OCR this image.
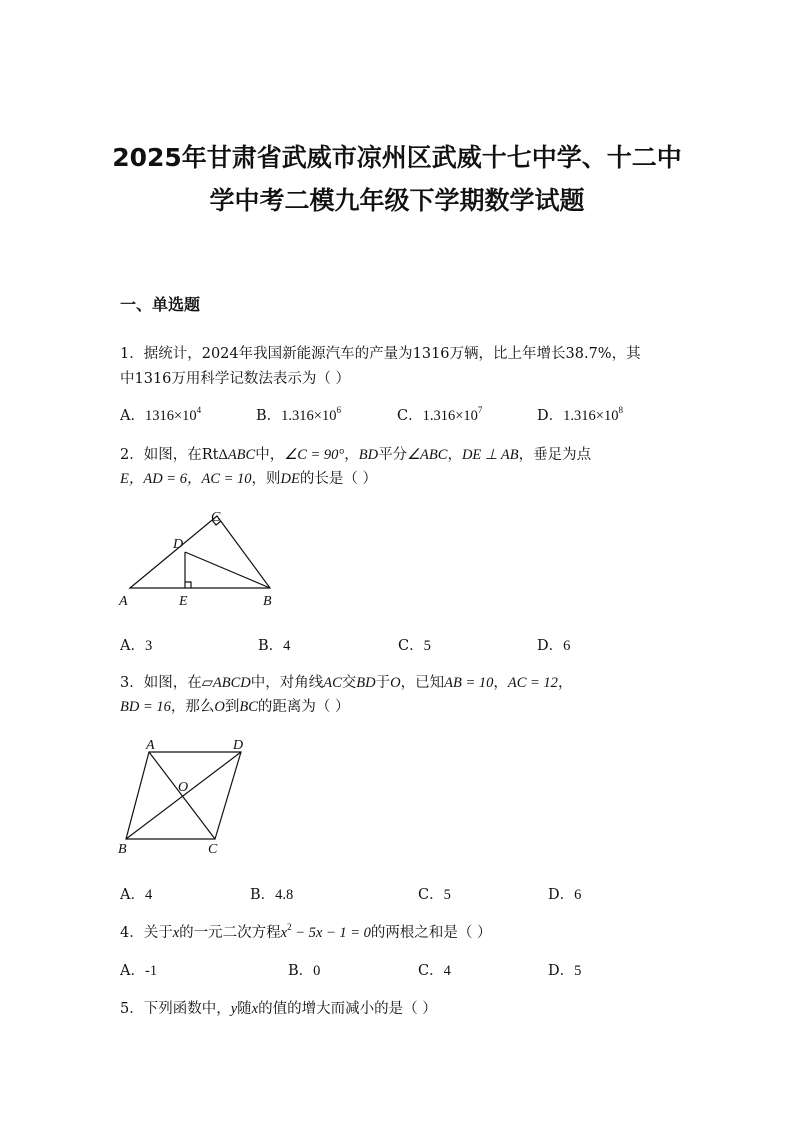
2025年甘肃省武威市凉州区武威十七中学、十二中
学中考二模九年级下学期数学试题
一、单选题
1．据统计，2024年我国新能源汽车的产量为1316万辆，比上年增长38.7%，其
中1316万用科学记数法表示为（ ）
A．$1316\times 10^4$	B．$1.316\times 10^6$	C．$1.316\times 10^7$	D．$1.316\times 10^8$
2．如图，在RtΔABC中，∠C = 90°，BD平分∠ABC，DE ⊥ AB，垂足为点
E，AD = 6，AC = 10，则DE的长是（ ）
A	E	B
C
D
A．3	B．4	C．5	D．6
3．如图，在▱ABCD中，对角线AC交BD于O，已知AB = 10，AC = 12，
BD = 16，那么O到BC的距离为（ ）
A	D
O
B	C
A．4	B．4.8	C．5	D．6
4．关于x的一元二次方程$x^2 - 5x - 1 = 0$的两根之和是（ ）
A．-1	B．0	C．4	D．5
5．下列函数中，y随x的值的增大而减小的是（ ）
